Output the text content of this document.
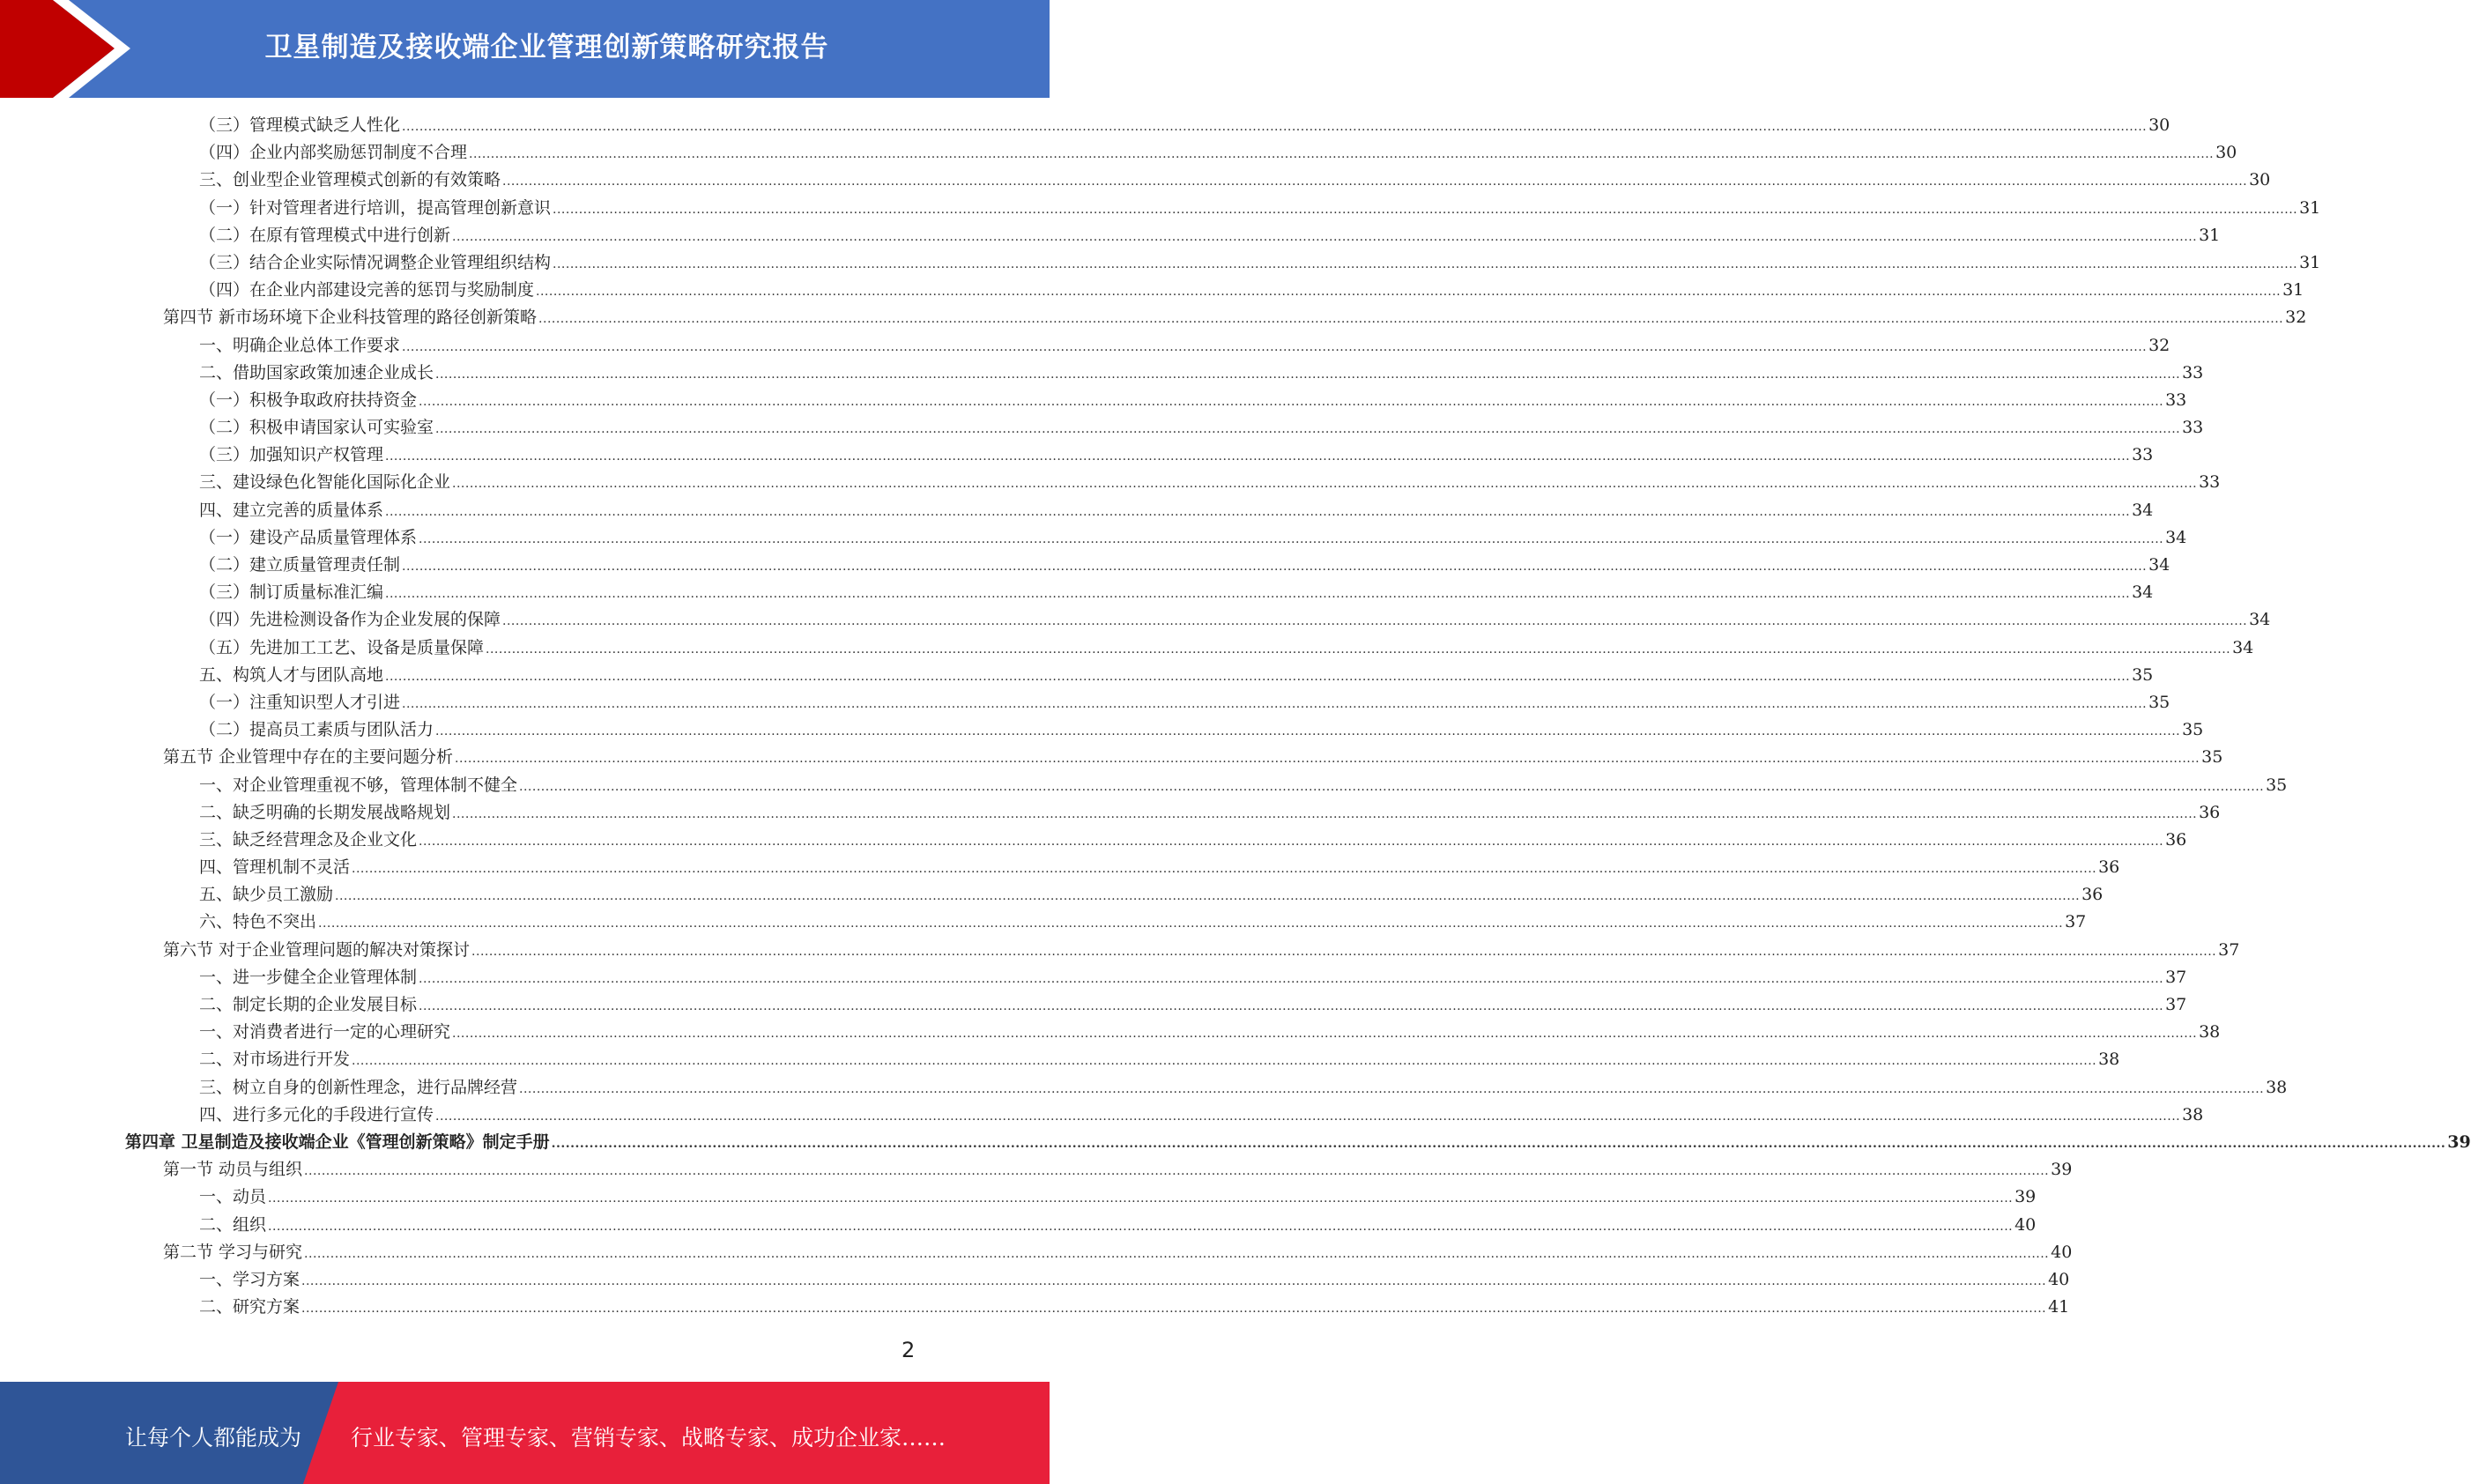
卫星制造及接收端企业管理创新策略研究报告
（三）管理模式缺乏人性化 ................................................................................................................................................................................................................................................................................................................................................................................................................ 30
（四）企业内部奖励惩罚制度不合理 ................................................................................................................................................................................................................................................................................................................................................................................................................ 30
三、创业型企业管理模式创新的有效策略 ................................................................................................................................................................................................................................................................................................................................................................................................................ 30
（一）针对管理者进行培训，提高管理创新意识 ................................................................................................................................................................................................................................................................................................................................................................................................................ 31
（二）在原有管理模式中进行创新 ................................................................................................................................................................................................................................................................................................................................................................................................................ 31
（三）结合企业实际情况调整企业管理组织结构 ................................................................................................................................................................................................................................................................................................................................................................................................................ 31
（四）在企业内部建设完善的惩罚与奖励制度 ................................................................................................................................................................................................................................................................................................................................................................................................................ 31
第四节 新市场环境下企业科技管理的路径创新策略 ................................................................................................................................................................................................................................................................................................................................................................................................................ 32
一、明确企业总体工作要求 ................................................................................................................................................................................................................................................................................................................................................................................................................ 32
二、借助国家政策加速企业成长 ................................................................................................................................................................................................................................................................................................................................................................................................................ 33
（一）积极争取政府扶持资金 ................................................................................................................................................................................................................................................................................................................................................................................................................ 33
（二）积极申请国家认可实验室 ................................................................................................................................................................................................................................................................................................................................................................................................................ 33
（三）加强知识产权管理 ................................................................................................................................................................................................................................................................................................................................................................................................................ 33
三、建设绿色化智能化国际化企业 ................................................................................................................................................................................................................................................................................................................................................................................................................ 33
四、建立完善的质量体系 ................................................................................................................................................................................................................................................................................................................................................................................................................ 34
（一）建设产品质量管理体系 ................................................................................................................................................................................................................................................................................................................................................................................................................ 34
（二）建立质量管理责任制 ................................................................................................................................................................................................................................................................................................................................................................................................................ 34
（三）制订质量标准汇编 ................................................................................................................................................................................................................................................................................................................................................................................................................ 34
（四）先进检测设备作为企业发展的保障 ................................................................................................................................................................................................................................................................................................................................................................................................................ 34
（五）先进加工工艺、设备是质量保障 ................................................................................................................................................................................................................................................................................................................................................................................................................ 34
五、构筑人才与团队高地 ................................................................................................................................................................................................................................................................................................................................................................................................................ 35
（一）注重知识型人才引进 ................................................................................................................................................................................................................................................................................................................................................................................................................ 35
（二）提高员工素质与团队活力 ................................................................................................................................................................................................................................................................................................................................................................................................................ 35
第五节 企业管理中存在的主要问题分析 ................................................................................................................................................................................................................................................................................................................................................................................................................ 35
一、对企业管理重视不够，管理体制不健全 ................................................................................................................................................................................................................................................................................................................................................................................................................ 35
二、缺乏明确的长期发展战略规划 ................................................................................................................................................................................................................................................................................................................................................................................................................ 36
三、缺乏经营理念及企业文化 ................................................................................................................................................................................................................................................................................................................................................................................................................ 36
四、管理机制不灵活 ................................................................................................................................................................................................................................................................................................................................................................................................................ 36
五、缺少员工激励 ................................................................................................................................................................................................................................................................................................................................................................................................................ 36
六、特色不突出 ................................................................................................................................................................................................................................................................................................................................................................................................................ 37
第六节 对于企业管理问题的解决对策探讨 ................................................................................................................................................................................................................................................................................................................................................................................................................ 37
一、进一步健全企业管理体制 ................................................................................................................................................................................................................................................................................................................................................................................................................ 37
二、制定长期的企业发展目标 ................................................................................................................................................................................................................................................................................................................................................................................................................ 37
一、对消费者进行一定的心理研究 ................................................................................................................................................................................................................................................................................................................................................................................................................ 38
二、对市场进行开发 ................................................................................................................................................................................................................................................................................................................................................................................................................ 38
三、树立自身的创新性理念，进行品牌经营 ................................................................................................................................................................................................................................................................................................................................................................................................................ 38
四、进行多元化的手段进行宣传 ................................................................................................................................................................................................................................................................................................................................................................................................................ 38
第四章 卫星制造及接收端企业《管理创新策略》制定手册 ................................................................................................................................................................................................................................................................................................................................................................................................................ 39
第一节 动员与组织 ................................................................................................................................................................................................................................................................................................................................................................................................................ 39
一、动员 ................................................................................................................................................................................................................................................................................................................................................................................................................ 39
二、组织 ................................................................................................................................................................................................................................................................................................................................................................................................................ 40
第二节 学习与研究 ................................................................................................................................................................................................................................................................................................................................................................................................................ 40
一、学习方案 ................................................................................................................................................................................................................................................................................................................................................................................................................ 40
二、研究方案 ................................................................................................................................................................................................................................................................................................................................................................................................................ 41
2
让每个人都能成为 行业专家、管理专家、营销专家、战略专家、成功企业家……
